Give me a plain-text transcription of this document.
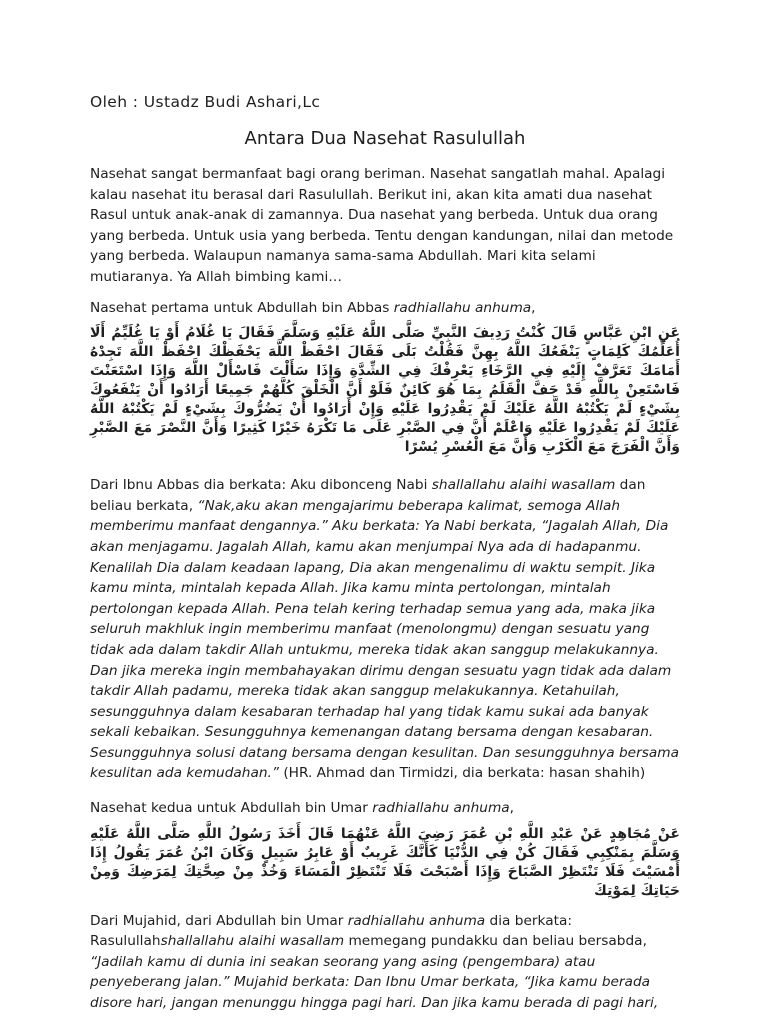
Oleh : Ustadz Budi Ashari,Lc
Antara Dua Nasehat Rasulullah

Nasehat sangat bermanfaat bagi orang beriman. Nasehat sangatlah mahal. Apalagi kalau nasehat itu berasal dari Rasulullah. Berikut ini, akan kita amati dua nasehat Rasul untuk anak-anak di zamannya. Dua nasehat yang berbeda. Untuk dua orang yang berbeda. Untuk usia yang berbeda. Tentu dengan kandungan, nilai dan metode yang berbeda. Walaupun namanya sama-sama Abdullah. Mari kita selami mutiaranya. Ya Allah bimbing kami…

Nasehat pertama untuk Abdullah bin Abbas radhiallahu anhuma,

عَنِ ابْنِ عَبَّاسٍ قَالَ كُنْتُ رَدِيفَ النَّبِيِّ صَلَّى اللَّهُ عَلَيْهِ وَسَلَّمَ فَقَالَ يَا غُلَامُ أَوْ يَا غُلَيِّمُ أَلَا أُعَلِّمُكَ كَلِمَاتٍ يَنْفَعُكَ اللَّهُ بِهِنَّ فَقُلْتُ بَلَى فَقَالَ احْفَظْ اللَّهَ يَحْفَظْكَ احْفَظْ اللَّهَ تَجِدْهُ أَمَامَكَ تَعَرَّفْ إِلَيْهِ فِي الرَّخَاءِ يَعْرِفْكَ فِي الشِّدَّةِ وَإِذَا سَأَلْتَ فَاسْأَلْ اللَّهَ وَإِذَا اسْتَعَنْتَ فَاسْتَعِنْ بِاللَّهِ قَدْ جَفَّ الْقَلَمُ بِمَا هُوَ كَائِنٌ فَلَوْ أَنَّ الْخَلْقَ كُلَّهُمْ جَمِيعًا أَرَادُوا أَنْ يَنْفَعُوكَ بِشَيْءٍ لَمْ يَكْتُبْهُ اللَّهُ عَلَيْكَ لَمْ يَقْدِرُوا عَلَيْهِ وَإِنْ أَرَادُوا أَنْ يَضُرُّوكَ بِشَيْءٍ لَمْ يَكْتُبْهُ اللَّهُ عَلَيْكَ لَمْ يَقْدِرُوا عَلَيْهِ وَاعْلَمْ أَنَّ فِي الصَّبْرِ عَلَى مَا تَكْرَهُ خَيْرًا كَثِيرًا وَأَنَّ النَّصْرَ مَعَ الصَّبْرِ وَأَنَّ الْفَرَجَ مَعَ الْكَرْبِ وَأَنَّ مَعَ الْعُسْرِ يُسْرًا

Dari Ibnu Abbas dia berkata: Aku dibonceng Nabi shallallahu alaihi wasallam dan beliau berkata, “Nak,aku akan mengajarimu beberapa kalimat, semoga Allah memberimu manfaat dengannya.” Aku berkata: Ya Nabi berkata, “Jagalah Allah, Dia akan menjagamu. Jagalah Allah, kamu akan menjumpai Nya ada di hadapanmu. Kenalilah Dia dalam keadaan lapang, Dia akan mengenalimu di waktu sempit. Jika kamu minta, mintalah kepada Allah. Jika kamu minta pertolongan, mintalah pertolongan kepada Allah. Pena telah kering terhadap semua yang ada, maka jika seluruh makhluk ingin memberimu manfaat (menolongmu) dengan sesuatu yang tidak ada dalam takdir Allah untukmu, mereka tidak akan sanggup melakukannya. Dan jika mereka ingin membahayakan dirimu dengan sesuatu yagn tidak ada dalam takdir Allah padamu, mereka tidak akan sanggup melakukannya. Ketahuilah, sesungguhnya dalam kesabaran terhadap hal yang tidak kamu sukai ada banyak sekali kebaikan. Sesungguhnya kemenangan datang bersama dengan kesabaran. Sesungguhnya solusi datang bersama dengan kesulitan. Dan sesungguhnya bersama kesulitan ada kemudahan.” (HR. Ahmad dan Tirmidzi, dia berkata: hasan shahih)

Nasehat kedua untuk Abdullah bin Umar radhiallahu anhuma,

عَنْ مُجَاهِدٍ عَنْ عَبْدِ اللَّهِ بْنِ عُمَرَ رَضِيَ اللَّهُ عَنْهُمَا قَالَ أَخَذَ رَسُولُ اللَّهِ صَلَّى اللَّهُ عَلَيْهِ وَسَلَّمَ بِمَنْكِبِي فَقَالَ كُنْ فِي الدُّنْيَا كَأَنَّكَ غَرِيبٌ أَوْ عَابِرُ سَبِيلٍ وَكَانَ ابْنُ عُمَرَ يَقُولُ إِذَا أَمْسَيْتَ فَلَا تَنْتَظِرْ الصَّبَاحَ وَإِذَا أَصْبَحْتَ فَلَا تَنْتَظِرْ الْمَسَاءَ وَخُذْ مِنْ صِحَّتِكَ لِمَرَضِكَ وَمِنْ حَيَاتِكَ لِمَوْتِكَ

Dari Mujahid, dari Abdullah bin Umar radhiallahu anhuma dia berkata: Rasulullahshallallahu alaihi wasallam memegang pundakku dan beliau bersabda, “Jadilah kamu di dunia ini seakan seorang yang asing (pengembara) atau penyeberang jalan.” Mujahid berkata: Dan Ibnu Umar berkata, “Jika kamu berada disore hari, jangan menunggu hingga pagi hari. Dan jika kamu berada di pagi hari,
